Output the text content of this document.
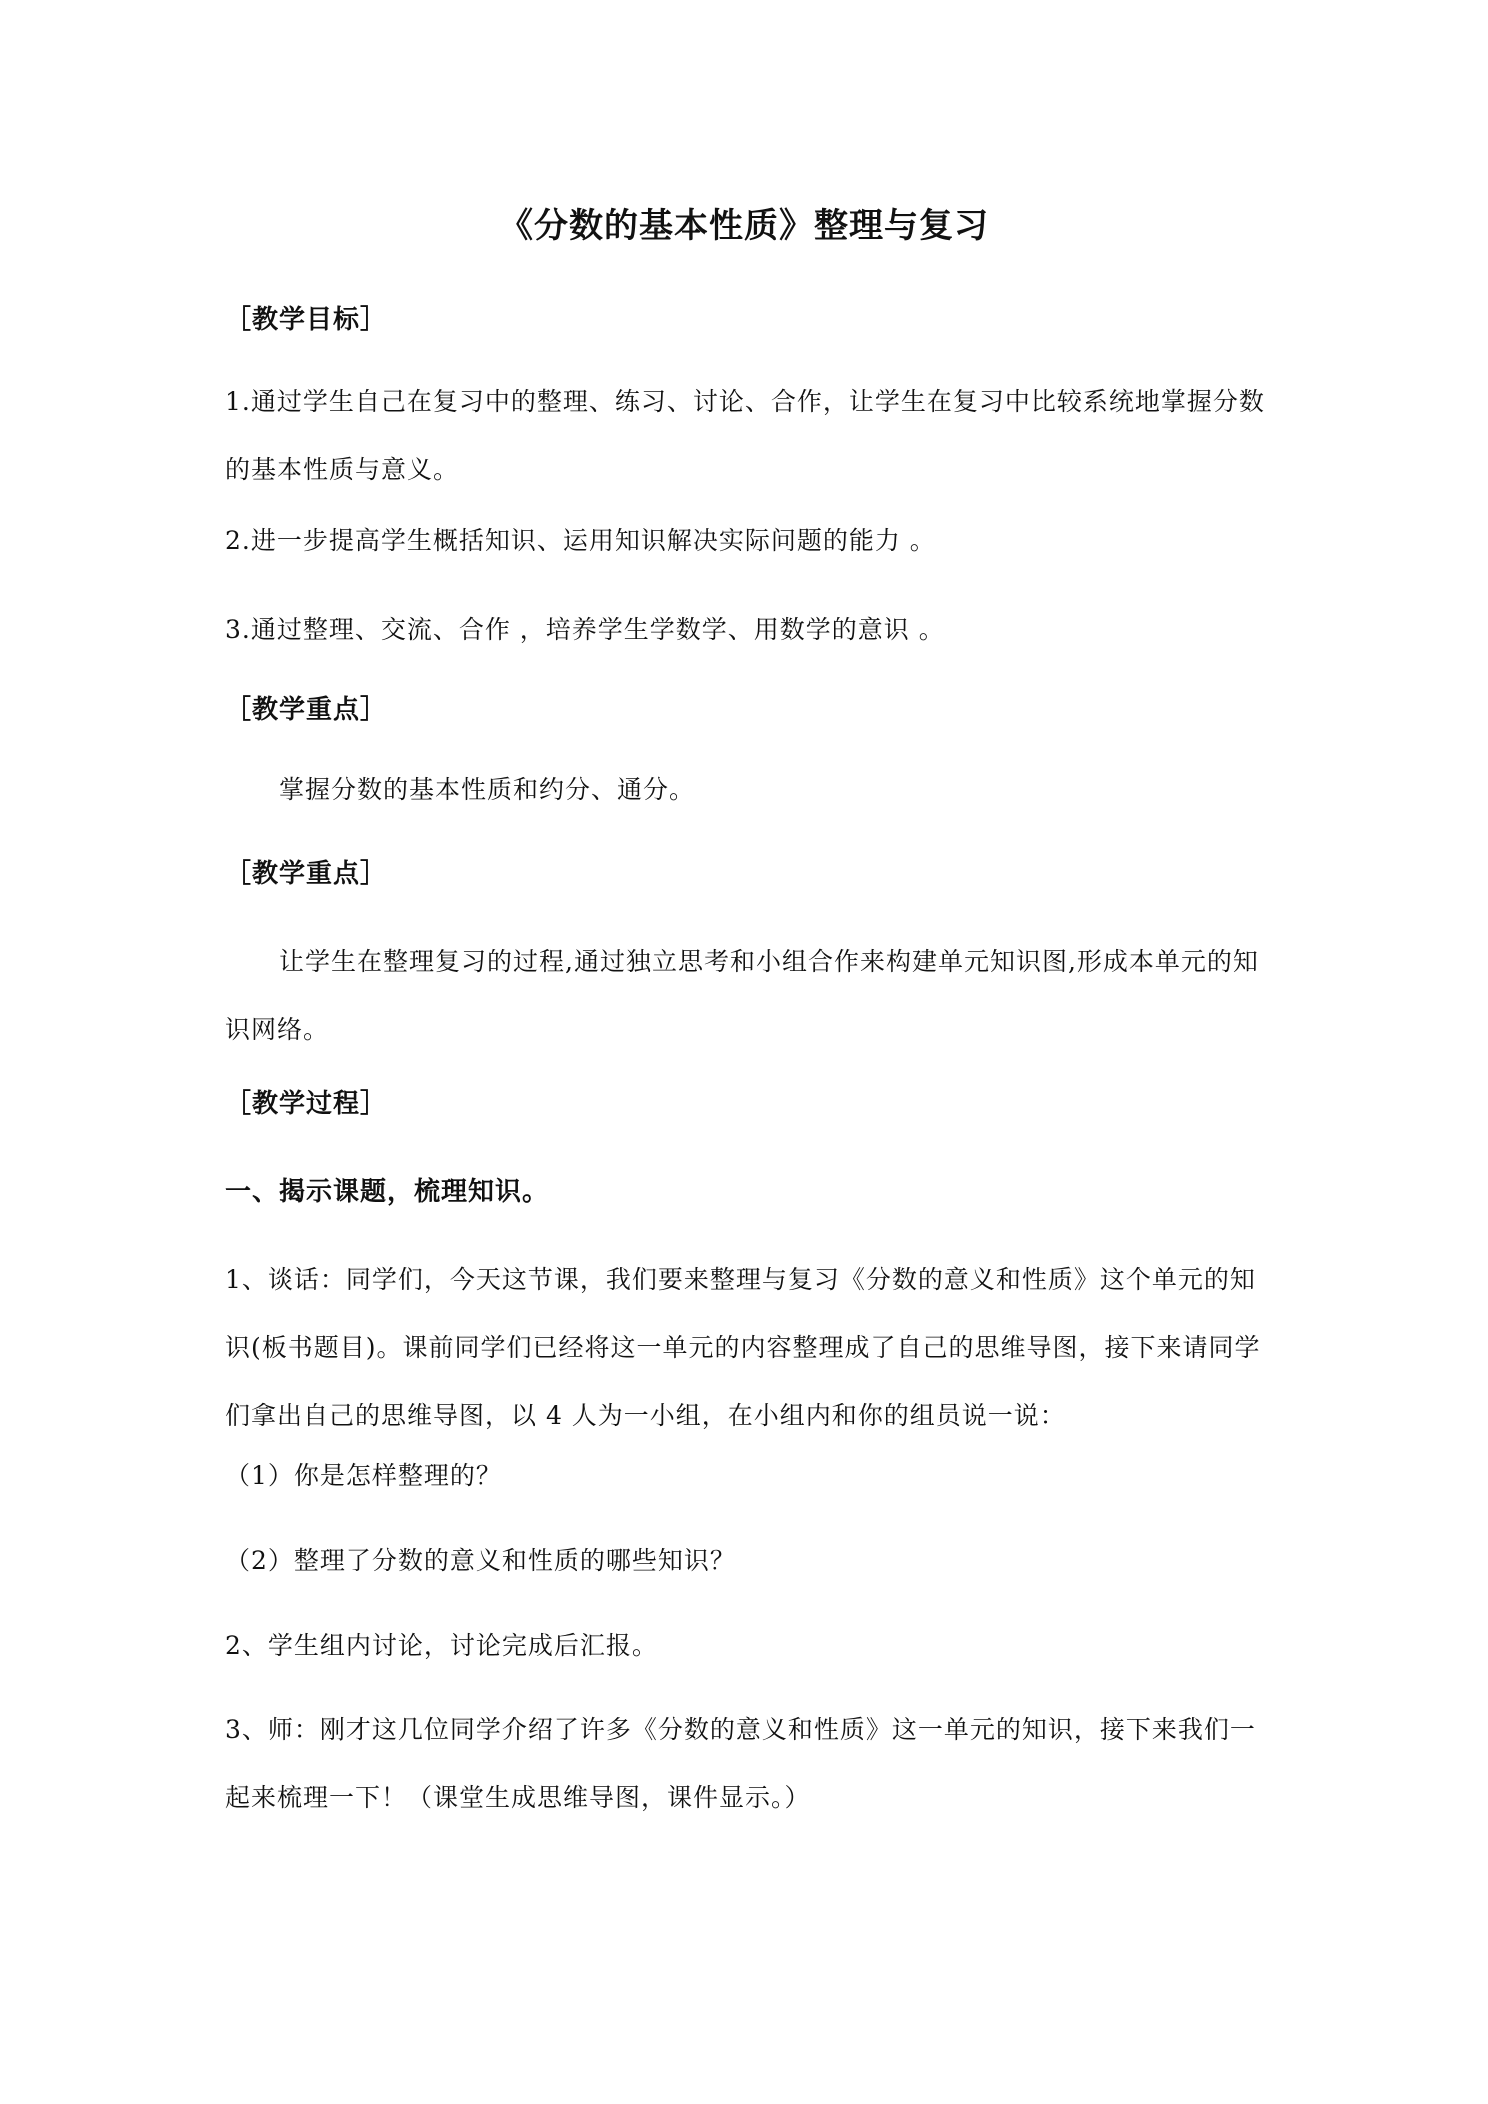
《分数的基本性质》整理与复习
［教学目标］
1.通过学生自己在复习中的整理、练习、讨论、合作，让学生在复习中比较系统地掌握分数的基本性质与意义。
2.进一步提高学生概括知识、运用知识解决实际问题的能力 。
3.通过整理、交流、合作 ，培养学生学数学、用数学的意识 。
［教学重点］
掌握分数的基本性质和约分、通分。
［教学重点］
让学生在整理复习的过程,通过独立思考和小组合作来构建单元知识图,形成本单元的知识网络。
［教学过程］
一、揭示课题，梳理知识。
1、谈话：同学们，今天这节课，我们要来整理与复习《分数的意义和性质》这个单元的知识(板书题目)。课前同学们已经将这一单元的内容整理成了自己的思维导图，接下来请同学们拿出自己的思维导图，以 4 人为一小组，在小组内和你的组员说一说：
（1）你是怎样整理的？
（2）整理了分数的意义和性质的哪些知识？
2、学生组内讨论，讨论完成后汇报。
3、师：刚才这几位同学介绍了许多《分数的意义和性质》这一单元的知识，接下来我们一起来梳理一下！（课堂生成思维导图，课件显示。）
